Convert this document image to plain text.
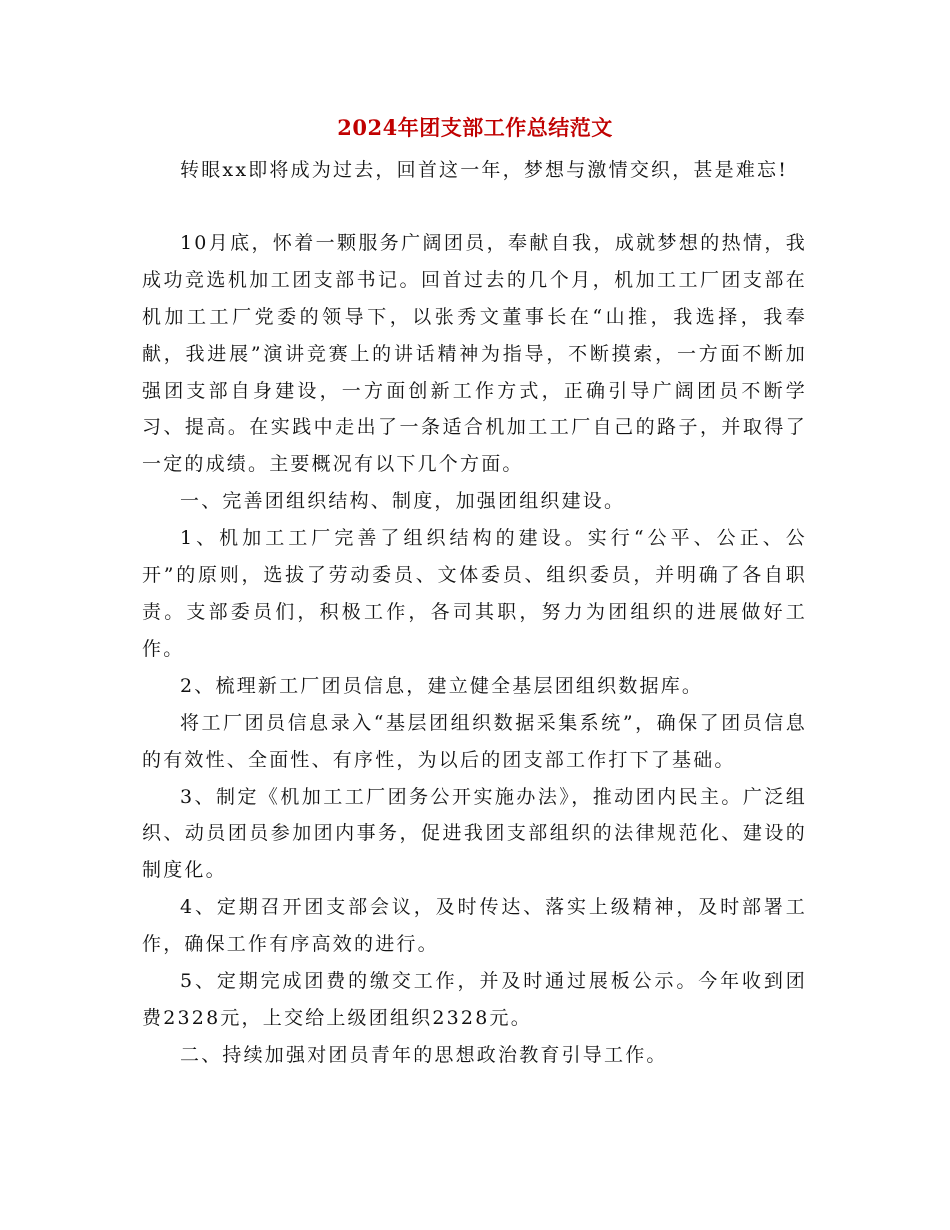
2024年团支部工作总结范文

转眼xx即将成为过去，回首这一年，梦想与激情交织，甚是难忘!

10月底，怀着一颗服务广阔团员，奉献自我，成就梦想的热情，我成功竞选机加工团支部书记。回首过去的几个月，机加工工厂团支部在机加工工厂党委的领导下，以张秀文董事长在“山推，我选择，我奉献，我进展”演讲竞赛上的讲话精神为指导，不断摸索，一方面不断加强团支部自身建设，一方面创新工作方式，正确引导广阔团员不断学习、提高。在实践中走出了一条适合机加工工厂自己的路子，并取得了一定的成绩。主要概况有以下几个方面。

一、完善团组织结构、制度，加强团组织建设。

1、机加工工厂完善了组织结构的建设。实行“公平、公正、公开”的原则，选拔了劳动委员、文体委员、组织委员，并明确了各自职责。支部委员们，积极工作，各司其职，努力为团组织的进展做好工作。

2、梳理新工厂团员信息，建立健全基层团组织数据库。

将工厂团员信息录入“基层团组织数据采集系统”，确保了团员信息的有效性、全面性、有序性，为以后的团支部工作打下了基础。

3、制定《机加工工厂团务公开实施办法》，推动团内民主。广泛组织、动员团员参加团内事务，促进我团支部组织的法律规范化、建设的制度化。

4、定期召开团支部会议，及时传达、落实上级精神，及时部署工作，确保工作有序高效的进行。

5、定期完成团费的缴交工作，并及时通过展板公示。今年收到团费2328元，上交给上级团组织2328元。

二、持续加强对团员青年的思想政治教育引导工作。
